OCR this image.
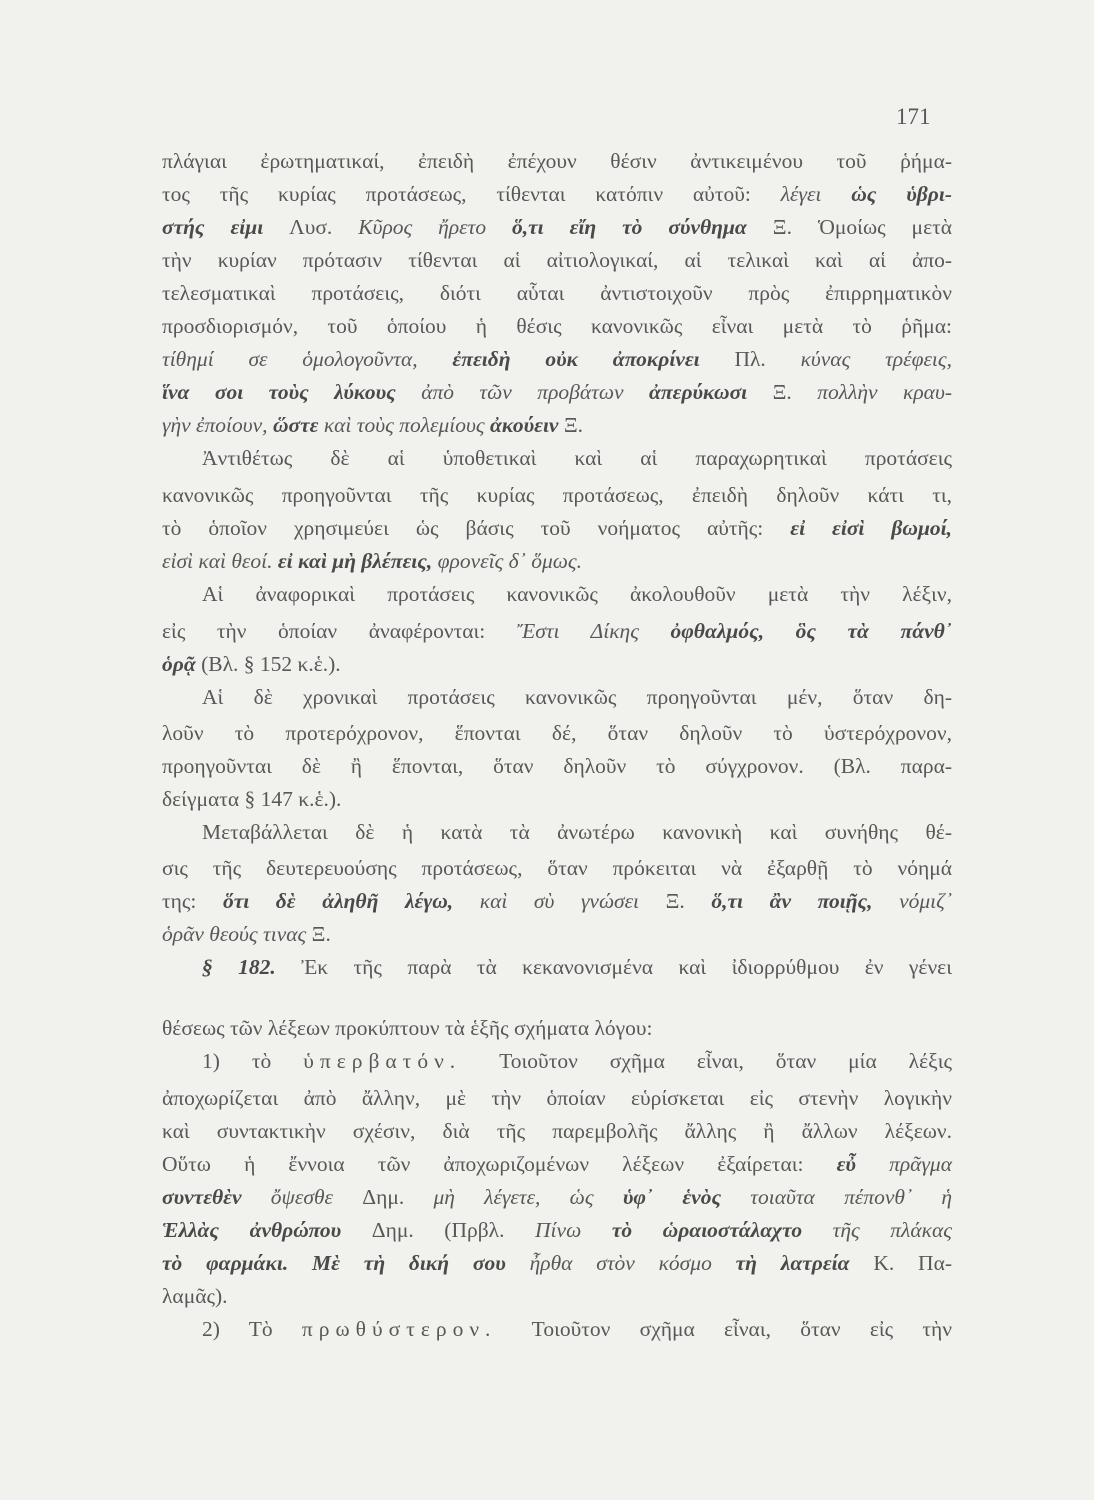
171
πλάγιαι ἐρωτηματικαί, ἐπειδὴ ἐπέχουν θέσιν ἀντικειμένου τοῦ ῥήμα-
τος τῆς κυρίας προτάσεως, τίθενται κατόπιν αὐτοῦ: λέγει ὡς ὑβρι-
στής εἰμι Λυσ. Κῦρος ἤρετο ὅ,τι εἴη τὸ σύνθημα Ξ. Ὁμοίως μετὰ
τὴν κυρίαν πρότασιν τίθενται αἱ αἰτιολογικαί, αἱ τελικαὶ καὶ αἱ ἀπο-
τελεσματικαὶ προτάσεις, διότι αὗται ἀντιστοιχοῦν πρὸς ἐπιρρηματικὸν
προσδιορισμόν, τοῦ ὁποίου ἡ θέσις κανονικῶς εἶναι μετὰ τὸ ῥῆμα:
τίθημί σε ὁμολογοῦντα, ἐπειδὴ οὐκ ἀποκρίνει Πλ. κύνας τρέφεις,
ἵνα σοι τοὺς λύκους ἀπὸ τῶν προβάτων ἀπερύκωσι Ξ. πολλὴν κραυ-
γὴν ἐποίουν, ὥστε καὶ τοὺς πολεμίους ἀκούειν Ξ.
Ἀντιθέτως δὲ αἱ ὑποθετικαὶ καὶ αἱ παραχωρητικαὶ προτάσεις
κανονικῶς προηγοῦνται τῆς κυρίας προτάσεως, ἐπειδὴ δηλοῦν κάτι τι,
τὸ ὁποῖον χρησιμεύει ὡς βάσις τοῦ νοήματος αὐτῆς: εἰ εἰσὶ βωμοί,
εἰσὶ καὶ θεοί. εἰ καὶ μὴ βλέπεις, φρονεῖς δ᾽ ὅμως.
Αἱ ἀναφορικαὶ προτάσεις κανονικῶς ἀκολουθοῦν μετὰ τὴν λέξιν,
εἰς τὴν ὁποίαν ἀναφέρονται: Ἔστι Δίκης ὀφθαλμός, ὃς τὰ πάνθ᾽
ὁρᾷ (Βλ. § 152 κ.ἑ.).
Αἱ δὲ χρονικαὶ προτάσεις κανονικῶς προηγοῦνται μέν, ὅταν δη-
λοῦν τὸ προτερόχρονον, ἕπονται δέ, ὅταν δηλοῦν τὸ ὑστερόχρονον,
προηγοῦνται δὲ ἢ ἕπονται, ὅταν δηλοῦν τὸ σύγχρονον. (Βλ. παρα-
δείγματα § 147 κ.ἑ.).
Μεταβάλλεται δὲ ἡ κατὰ τὰ ἀνωτέρω κανονικὴ καὶ συνήθης θέ-
σις τῆς δευτερευούσης προτάσεως, ὅταν πρόκειται νὰ ἐξαρθῇ τὸ νόημά
της: ὅτι δὲ ἀληθῆ λέγω, καὶ σὺ γνώσει Ξ. ὅ,τι ἂν ποιῇς, νόμιζ᾽
ὁρᾶν θεούς τινας Ξ.
§ 182. Ἐκ τῆς παρὰ τὰ κεκανονισμένα καὶ ἰδιορρύθμου ἐν γένει
θέσεως τῶν λέξεων προκύπτουν τὰ ἑξῆς σχήματα λόγου:
1) τὸ ὑπερβατόν. Τοιοῦτον σχῆμα εἶναι, ὅταν μία λέξις
ἀποχωρίζεται ἀπὸ ἄλλην, μὲ τὴν ὁποίαν εὑρίσκεται εἰς στενὴν λογικὴν
καὶ συντακτικὴν σχέσιν, διὰ τῆς παρεμβολῆς ἄλλης ἢ ἄλλων λέξεων.
Οὕτω ἡ ἔννοια τῶν ἀποχωριζομένων λέξεων ἐξαίρεται: εὖ πρᾶγμα
συντεθὲν ὄψεσθε Δημ. μὴ λέγετε, ὡς ὑφ᾽ ἑνὸς τοιαῦτα πέπονθ᾽ ἡ
Ἑλλὰς ἀνθρώπου Δημ. (Πρβλ. Πίνω τὸ ὡραιοστάλαχτο τῆς πλάκας
τὸ φαρμάκι. Μὲ τὴ δική σου ἦρθα στὸν κόσμο τὴ λατρεία Κ. Πα-
λαμᾶς).
2) Τὸ πρωθύστερον. Τοιοῦτον σχῆμα εἶναι, ὅταν εἰς τὴν
